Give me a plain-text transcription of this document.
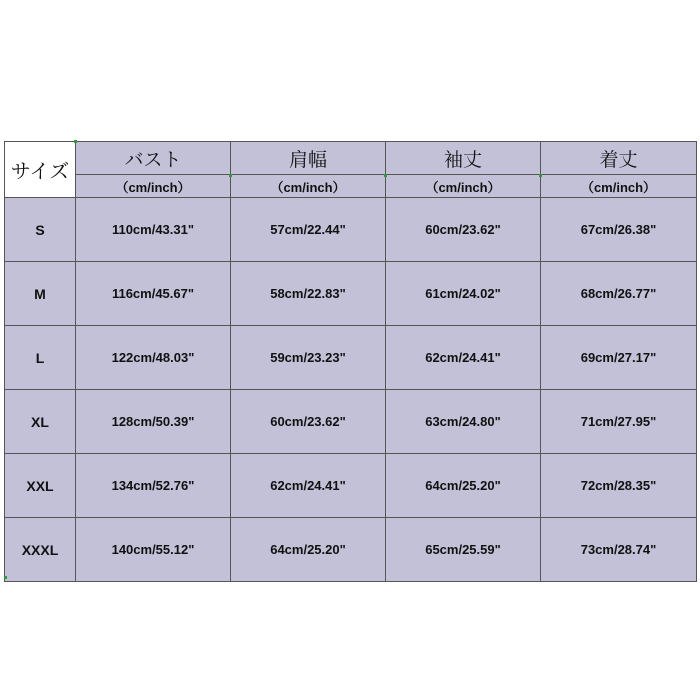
サイズ	バスト	肩幅	袖丈	着丈
	（cm/inch）	（cm/inch）	（cm/inch）	（cm/inch）
S	110cm/43.31"	57cm/22.44"	60cm/23.62"	67cm/26.38"
M	116cm/45.67"	58cm/22.83"	61cm/24.02"	68cm/26.77"
L	122cm/48.03"	59cm/23.23"	62cm/24.41"	69cm/27.17"
XL	128cm/50.39"	60cm/23.62"	63cm/24.80"	71cm/27.95"
XXL	134cm/52.76"	62cm/24.41"	64cm/25.20"	72cm/28.35"
XXXL	140cm/55.12"	64cm/25.20"	65cm/25.59"	73cm/28.74"
